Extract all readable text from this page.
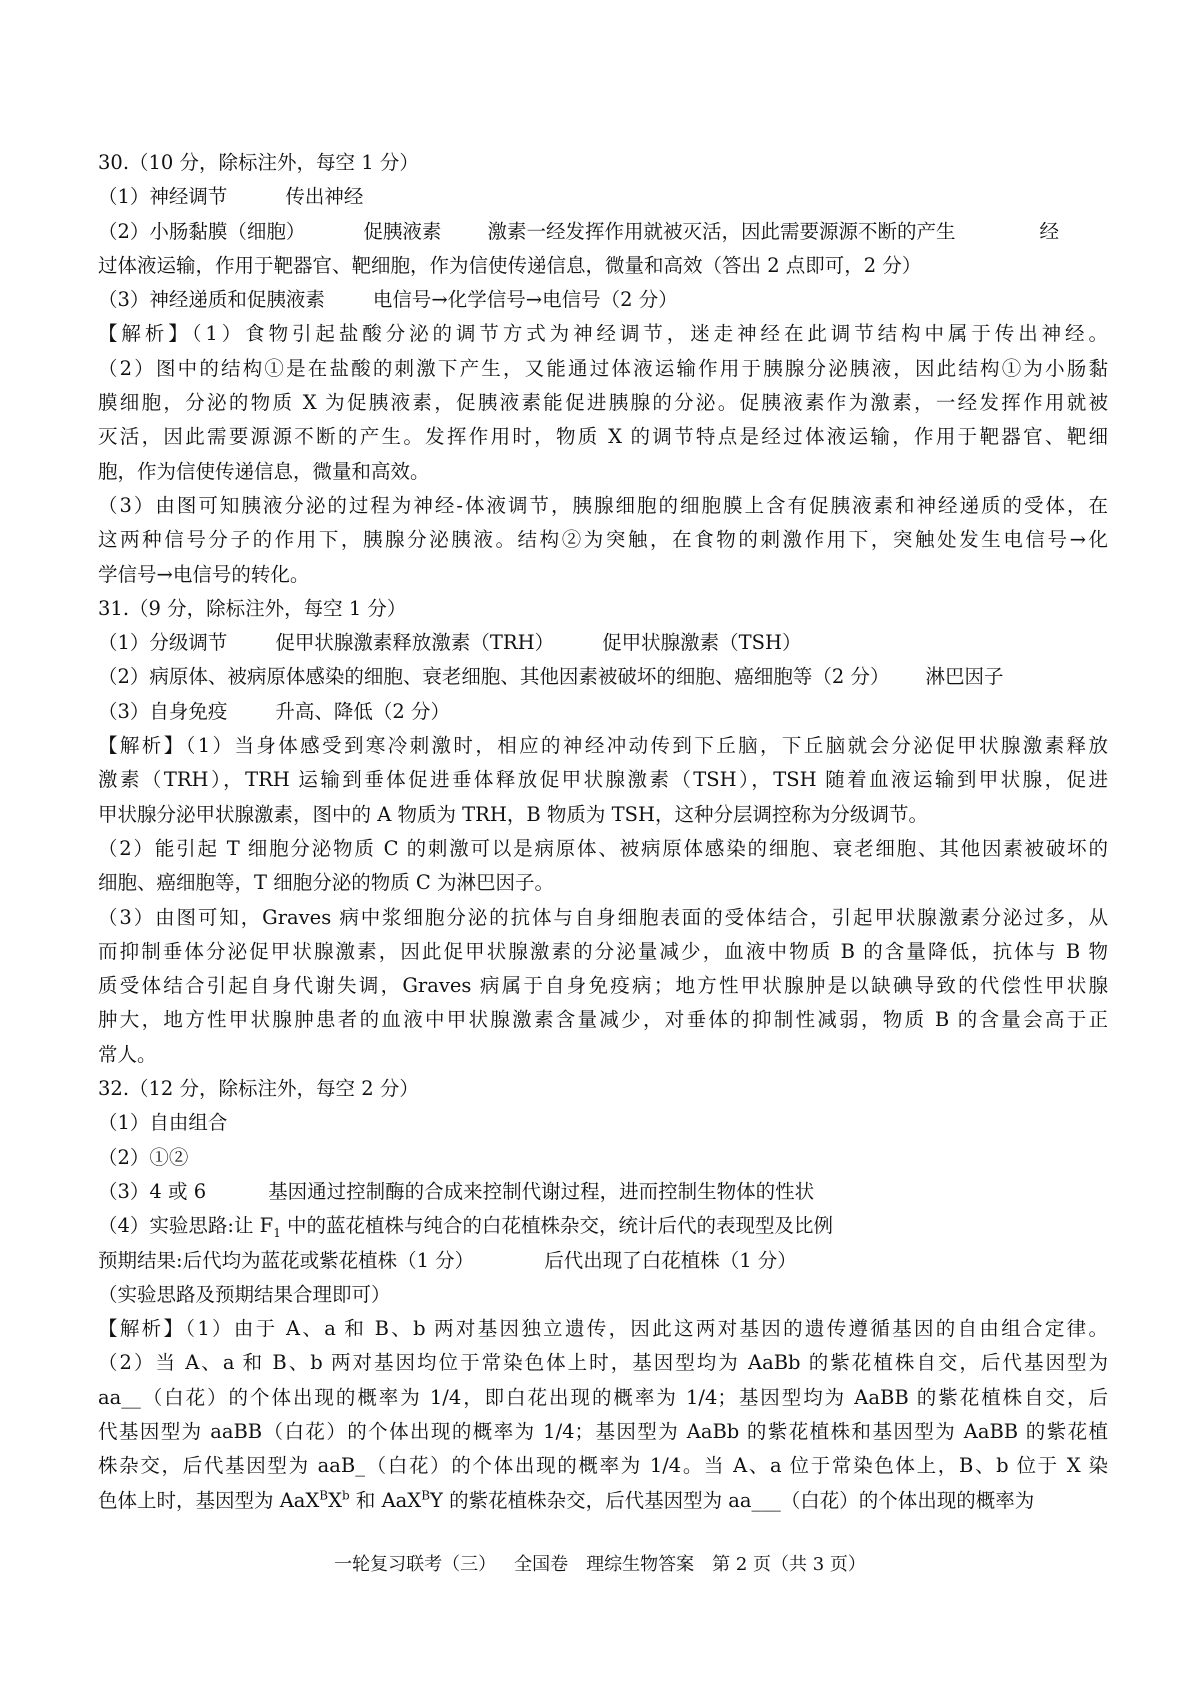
30.（10 分，除标注外，每空 1 分）
（1）神经调节	传出神经
（2）小肠黏膜（细胞）	促胰液素 激素一经发挥作用就被灭活，因此需要源源不断的产生	经
过体液运输，作用于靶器官、靶细胞，作为信使传递信息，微量和高效（答出 2 点即可，2 分）
（3）神经递质和促胰液素 电信号→化学信号→电信号（2 分）
【解析】（1）食物引起盐酸分泌的调节方式为神经调节，迷走神经在此调节结构中属于传出神经。
（2）图中的结构①是在盐酸的刺激下产生，又能通过体液运输作用于胰腺分泌胰液，因此结构①为小肠黏
膜细胞，分泌的物质 X 为促胰液素，促胰液素能促进胰腺的分泌。促胰液素作为激素，一经发挥作用就被
灭活，因此需要源源不断的产生。发挥作用时，物质 X 的调节特点是经过体液运输，作用于靶器官、靶细
胞，作为信使传递信息，微量和高效。
（3）由图可知胰液分泌的过程为神经-体液调节，胰腺细胞的细胞膜上含有促胰液素和神经递质的受体，在
这两种信号分子的作用下，胰腺分泌胰液。结构②为突触，在食物的刺激作用下，突触处发生电信号→化
学信号→电信号的转化。
31.（9 分，除标注外，每空 1 分）
（1）分级调节 促甲状腺激素释放激素（TRH） 促甲状腺激素（TSH）
（2）病原体、被病原体感染的细胞、衰老细胞、其他因素被破坏的细胞、癌细胞等（2 分） 淋巴因子
（3）自身免疫 升高、降低（2 分）
【解析】（1）当身体感受到寒冷刺激时，相应的神经冲动传到下丘脑，下丘脑就会分泌促甲状腺激素释放
激素（TRH），TRH 运输到垂体促进垂体释放促甲状腺激素（TSH），TSH 随着血液运输到甲状腺，促进
甲状腺分泌甲状腺激素，图中的 A 物质为 TRH，B 物质为 TSH，这种分层调控称为分级调节。
（2）能引起 T 细胞分泌物质 C 的刺激可以是病原体、被病原体感染的细胞、衰老细胞、其他因素被破坏的
细胞、癌细胞等，T 细胞分泌的物质 C 为淋巴因子。
（3）由图可知，Graves 病中浆细胞分泌的抗体与自身细胞表面的受体结合，引起甲状腺激素分泌过多，从
而抑制垂体分泌促甲状腺激素，因此促甲状腺激素的分泌量减少，血液中物质 B 的含量降低，抗体与 B 物
质受体结合引起自身代谢失调，Graves 病属于自身免疫病；地方性甲状腺肿是以缺碘导致的代偿性甲状腺
肿大，地方性甲状腺肿患者的血液中甲状腺激素含量减少，对垂体的抑制性减弱，物质 B 的含量会高于正
常人。
32.（12 分，除标注外，每空 2 分）
（1）自由组合
（2）①②
（3）4 或 6	基因通过控制酶的合成来控制代谢过程，进而控制生物体的性状
（4）实验思路:让 $F_1$ 中的蓝花植株与纯合的白花植株杂交，统计后代的表现型及比例
预期结果:后代均为蓝花或紫花植株（1 分）	后代出现了白花植株（1 分）
（实验思路及预期结果合理即可）
【解析】（1）由于 A、a 和 B、b 两对基因独立遗传，因此这两对基因的遗传遵循基因的自由组合定律。
（2）当 A、a 和 B、b 两对基因均位于常染色体上时，基因型均为 AaBb 的紫花植株自交，后代基因型为
aa__（白花）的个体出现的概率为 1/4，即白花出现的概率为 1/4；基因型均为 AaBB 的紫花植株自交，后
代基因型为 aaBB（白花）的个体出现的概率为 1/4；基因型为 AaBb 的紫花植株和基因型为 AaBB 的紫花植
株杂交，后代基因型为 aaB_（白花）的个体出现的概率为 1/4。当 A、a 位于常染色体上，B、b 位于 X 染
色体上时，基因型为 $AaX^BX^b$ 和 AaX$^B$Y 的紫花植株杂交，后代基因型为 aa___（白花）的个体出现的概率为
一轮复习联考（三） 全国卷 理综生物答案 第 2 页（共 3 页）
